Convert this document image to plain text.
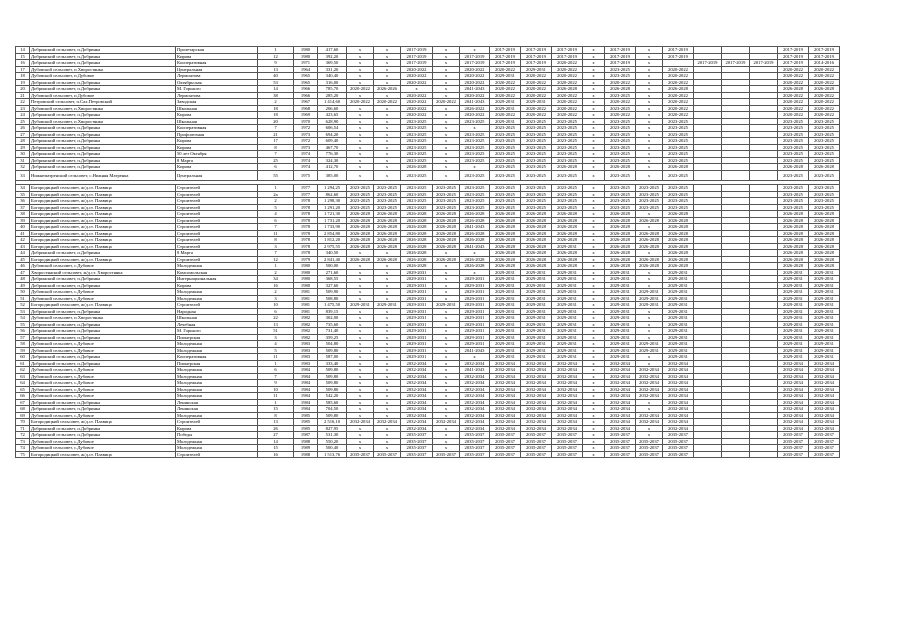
14	Добринский сельсовет, п.Добринка	Пролетарская	1	1980	417,60	x	x	2017-2019	x	x	2017-2019	2017-2019	2017-2019	x	2017-2019	x	2017-2019				2017-2019	2017-2019
15	Добринский сельсовет, п.Добринка	Кирова	12	1980	392,20	x	x	2017-2019	x	2017-2019	2017-2019	2017-2019	2017-2019	x	2017-2019	x	2017-2019				2017-2019	2017-2019
16	Добринский сельсовет, п.Добринка	Кооперативная	9	1971	369,50	x	x	2017-2019	x	2017-2019	2017-2019	2017-2019	2020-2022	x	2017-2019	x		2017-2019	2017-2019	2017-2019	2017-2019	2014-2016
17	Дубовской сельсовет, п.Хворостянка	Центральная	13	1964	331,20	x	x	2020-2022	x	2020-2022	2020-2022	2029-2031	2020-2022	x	2023-2025	x	2020-2022				2020-2022	2020-2022
18	Дубовской сельсовет, п.Дубовое	Лермонтова	40	1965	340,40	x	x	2020-2022	x	2020-2022	2029-2031	2020-2022	2020-2022	x	2023-2025	x	2020-2022				2020-2022	2020-2022
19	Добринский сельсовет, п.Добринка	Октябрьская	53	1965	316,00	x	x	2020-2022	x	2020-2022	2020-2022	2020-2022	2020-2022	x	2020-2022	x	2020-2022				2020-2022	2020-2022
20	Добринский сельсовет, п.Добринка	М. Горького	14	1966	785,70	2020-2022	2026-2026	x	x	2041-2043	2020-2022	2020-2022	2026-2028	x	2026-2028	x	2026-2028				2026-2028	2026-2028
21	Дубовской сельсовет, п.Дубовое	Лермонтова	38	1966	285,20	x	x	2020-2022	x	2020-2022	2020-2022	2020-2022	2020-2022	x	2023-2025	x	2020-2022				2020-2022	2020-2022
22	Петровский сельсовет, п.Сах.Петровский	Заводская	2	1967	1 414,60	2020-2022	2020-2022	2020-2022	2020-2022	2041-2043	2029-2031	2029-2031	2020-2022	x	2020-2022	x	2020-2022				2020-2022	2020-2022
23	Дубовской сельсовет, п.Хворостянка	Школьная	18	1968	206,60	x	x	2020-2022	x	2026-2022	2029-2031	2020-2022	2020-2022	x	2023-2025	x	2020-2022				2020-2022	2020-2022
24	Добринский сельсовет, п.Добринка	Кирова	18	1969	423,65	x	x	2020-2022	x	2020-2022	2020-2022	2020-2022	2020-2022	x	2020-2022	x	2020-2022				2020-2022	2020-2022
25	Дубовской сельсовет, п.Хворостянка	Школьная	20	1970	628,90	x	x	2023-2025	x	2023-2025	2029-2031	2023-2025	2023-2025	x	2023-2025	x	2023-2025				2023-2025	2023-2025
26	Добринский сельсовет, п.Добринка	Кооперативная	7	1972	606,54	x	x	2023-2025	x	x	2023-2025	2023-2025	2023-2025	x	2023-2025	x	2023-2025				2023-2025	2023-2025
27	Добринский сельсовет, п.Добринка	Профсоюзная	21	1973	694,20	x	x	2023-2025	x	2023-2025	2023-2025	2023-2025	2023-2025	x	2023-2025	x	2023-2025				2023-2025	2023-2025
28	Добринский сельсовет, п.Добринка	Кирова	17	1972	609,40	x	x	2023-2025	x	2023-2025	2023-2025	2023-2025	2023-2025	x	2023-2025	x	2023-2025				2023-2025	2023-2025
29	Добринский сельсовет, п.Добринка	Кирова	8	1973	467,70	x	x	2023-2025	x	2023-2025	2023-2025	2023-2025	2023-2025	x	2023-2025	x	2023-2025				2023-2025	2023-2025
30	Добринский сельсовет, п.Добринка	50 лет Октября	7	1974	776,30	x	x	2023-2025	x	2023-2025	2023-2025	2023-2025	2023-2025	x	2023-2025	x	2023-2025				2023-2025	2023-2025
31	Добринский сельсовет, п.Добринка	8 Марта	25	1974	324,30	x	x	2023-2025	x	2023-2025	2023-2025	2023-2025	2023-2025	x	2023-2025	x	2023-2025				2023-2025	2023-2025
32	Добринский сельсовет, п.Добринка	Кирова	6	1974	412,70	x	x	2026-2028	x	x	2023-2025	2023-2025	2026-2028	x	2026-2028	x	2026-2028				2026-2028	2026-2028
33	Нижнематренский сельсовет, с.Нижняя Матренка	Центральная	55	1975	385,00	x	x	2023-2025	x	2023-2025	2023-2025	2023-2025	2023-2025	x	2023-2025	x	2023-2025				2023-2025	2023-2025

34	Богородицкий сельсовет, ж/д.ст. Плавица	Строителей	1	1977	1 294,25	2023-2025	2023-2025	2023-2025	2023-2025	2023-2025	2023-2025	2023-2025	2023-2025	x	2023-2025	2023-2025	2023-2025				2023-2025	2023-2025
35	Богородицкий сельсовет, ж/д.ст. Плавица	Строителей	2а	1977	862,60	2023-2025	2023-2025	2023-2025	2023-2025	2023-2025	2023-2025	2023-2025	2023-2025	x	2023-2025	2023-2025	2023-2025				2023-2025	2023-2025
36	Богородицкий сельсовет, ж/д.ст. Плавица	Строителей	2	1978	1 298,30	2023-2025	2023-2025	2023-2025	2023-2025	2023-2025	2023-2025	2023-2025	2023-2025	x	2023-2025	2023-2025	2023-2025				2023-2025	2023-2025
37	Богородицкий сельсовет, ж/д.ст. Плавица	Строителей	5	1978	1 291,20	2023-2025	2023-2025	2023-2025	2023-2025	2023-2025	2023-2025	2023-2025	2023-2025	x	2023-2025	2023-2025	2023-2025				2023-2025	2023-2025
38	Богородицкий сельсовет, ж/д.ст. Плавица	Строителей	4	1978	1 721,30	2026-2028	2026-2028	2026-2028	2026-2028	2026-2028	2026-2028	2026-2028	2026-2028	x	2026-2028	x	2026-2028				2026-2028	2026-2028
39	Богородицкий сельсовет, ж/д.ст. Плавица	Строителей	6	1978	1 731,20	2026-2028	2026-2028	2026-2028	2026-2028	2026-2028	2026-2028	2026-2028	2026-2028	x	2026-2028	2026-2028	2026-2028				2026-2028	2026-2028
40	Богородицкий сельсовет, ж/д.ст. Плавица	Строителей	7	1978	1 733,90	2026-2028	2026-2028	2026-2028	2026-2028	2041-2043	2026-2028	2026-2028	2026-2028	x	2026-2028	x	2026-2028				2026-2028	2026-2028
41	Богородицкий сельсовет, ж/д.ст. Плавица	Строителей	11	1978	2 854,80	2026-2028	2026-2028	2026-2028	2026-2028	2026-2028	2026-2028	2026-2028	2026-2028	x	2026-2028	2026-2028	2026-2028				2026-2028	2026-2028
42	Богородицкий сельсовет, ж/д.ст. Плавица	Строителей	8	1978	1 812,20	2026-2028	2026-2028	2026-2028	2026-2028	2026-2028	2026-2028	2026-2028	2026-2028	x	2026-2028	2026-2028	2026-2028				2026-2028	2026-2028
43	Богородицкий сельсовет, ж/д.ст. Плавица	Строителей	3	1978	2 975,55	2026-2028	2026-2028	2026-2028	2026-2028	2041-2043	2026-2028	2026-2028	2029-2031	x	2026-2028	2026-2028	2026-2028				2026-2028	2026-2028
44	Добринский сельсовет, п.Добринка	8 Марта	7	1978	340,50	x	x	2026-2028	x	x	2026-2028	2026-2028	2026-2028	x	2026-2028	x	2026-2028				2026-2028	2026-2028
45	Богородицкий сельсовет, ж/д.ст. Плавица	Строителей	12	1979	2 841,40	2026-2028	2026-2028	2026-2028	2026-2028	2026-2028	2026-2028	2026-2028	2026-2028	x	2026-2028	2026-2028	2026-2028				2026-2028	2026-2028
46	Дубовской сельсовет, с.Дубовое	Молодежная	1	1980	500,00	x	x	2026-2028	x	2026-2028	2026-2028	2026-2028	2026-2028	x	2026-2028	2026-2028	2026-2028				2026-2028	2026-2028
47	Хворостянский сельсовет, ж/д.ст. Хворостянка	Комсомольская	2	1980	271,60	x	x	2029-2031	x	x	2029-2031	2029-2031	2029-2031	x	2029-2031	x	2029-2031				2029-2031	2029-2031
48	Добринский сельсовет, п.Добринка	Интернациональная	34	1980	368,55	x	x	2029-2031	x	2029-2031	2029-2031	2029-2031	2029-2031	x	2029-2031	x	2029-2031				2029-2031	2029-2031
49	Добринский сельсовет, п.Добринка	Кирова	16	1980	327,60	x	x	2029-2031	x	2029-2031	2029-2031	2029-2031	2029-2031	x	2029-2031	x	2029-2031				2029-2031	2029-2031
50	Дубовской сельсовет, с.Дубовое	Молодежная	2	1981	509,90	x	x	2029-2031	x	2029-2031	2029-2031	2029-2031	2029-2031	x	2029-2031	2029-2031	2029-2031				2029-2031	2029-2031
51	Дубовской сельсовет, с.Дубовое	Молодежная	3	1981	508,80	x	x	2029-2031	x	2029-2031	2029-2031	2029-2031	2029-2031	x	2029-2031	2029-2031	2029-2031				2029-2031	2029-2031
52	Богородицкий сельсовет, ж/д.ст. Плавица	Строителей	10	1981	1 475,50	2029-2031	2029-2031	2029-2031	2029-2031	2029-2031	2029-2031	2029-2031	2029-2031	x	2029-2031	2029-2031	2029-2031				2029-2031	2029-2031
53	Добринский сельсовет, п.Добринка	Народная	6	1981	839,15	x	x	2029-2031	x	2029-2031	2029-2031	2029-2031	2029-2031	x	2029-2031	x	2029-2031				2029-2031	2029-2031
54	Дубовской сельсовет, п.Хворостянка	Школьная	22	1982	302,00	x	x	2029-2031	x	2029-2031	2029-2031	2029-2031	2029-2031	x	2029-2031	x	2029-2031				2029-2031	2029-2031
55	Добринский сельсовет, п.Добринка	Лечебная	13	1982	735,60	x	x	2029-2031	x	2029-2031	2029-2031	2029-2031	2029-2031	x	2029-2031	x	2029-2031				2029-2031	2029-2031
56	Добринский сельсовет, п.Добринка	М. Горького	51	1982	731,40	x	x	2029-2031	x	2029-2031	2029-2031	2029-2031	2029-2031	x	2029-2031	x	2029-2031				2029-2031	2029-2031
57	Добринский сельсовет, п.Добринка	Пионерская	3	1982	359,25	x	x	2029-2031	x	2029-2031	2029-2031	2029-2031	2029-2031	x	2029-2031	x	2029-2031				2029-2031	2029-2031
58	Дубовской сельсовет, с.Дубовое	Молодежная	4	1983	504,80	x	x	2029-2031	x	2029-2031	2029-2031	2029-2031	2029-2031	x	2029-2031	2029-2031	2029-2031				2029-2031	2029-2031
59	Дубовской сельсовет, с.Дубовое	Молодежная	5	1983	509,80	x	x	2029-2031	x	2041-2043	2029-2031	2029-2031	2029-2031	x	2029-2031	2029-2031	2029-2031				2029-2031	2029-2031
60	Добринский сельсовет, п.Добринка	Кооперативная	11	1983	587,00	x	x	2029-2031	x	x	2029-2031	2029-2031	2029-2031	x	2029-2031	x	2029-2031				2029-2031	2029-2031
61	Добринский сельсовет, п.Добринка	Пионерская	1	1983	333,40	x	x	2032-2034	x	2032-2034	2032-2034	2032-2034	2032-2034	x	2032-2034	x	2032-2034				2032-2034	2032-2034
62	Дубовской сельсовет, с.Дубовое	Молодежная	6	1984	509,80	x	x	2032-2034	x	2041-2043	2032-2034	2032-2034	2032-2034	x	2032-2034	2032-2034	2032-2034				2032-2034	2032-2034
63	Дубовской сельсовет, с.Дубовое	Молодежная	7	1984	509,80	x	x	2032-2034	x	2032-2034	2032-2034	2032-2034	2032-2034	x	2032-2034	2032-2034	2032-2034				2032-2034	2032-2034
64	Дубовской сельсовет, с.Дубовое	Молодежная	9	1984	509,80	x	x	2032-2034	x	2032-2034	2032-2034	2032-2034	2032-2034	x	2032-2034	2032-2034	2032-2034				2032-2034	2032-2034
65	Дубовской сельсовет, с.Дубовое	Молодежная	10	1984	509,80	x	x	2032-2034	x	2032-2034	2032-2034	2032-2034	2032-2034	x	2032-2034	2032-2034	2032-2034				2032-2034	2032-2034
66	Дубовской сельсовет, с.Дубовое	Молодежная	11	1984	542,20	x	x	2032-2034	x	2032-2034	2032-2034	2032-2034	2032-2034	x	2032-2034	2032-2034	2032-2034				2032-2034	2032-2034
67	Добринский сельсовет, п.Добринка	Ленинская	1	1984	585,60	x	x	2032-2034	x	2032-2034	2032-2034	2032-2034	2032-2034	x	2032-2034	x	2032-2034				2032-2034	2032-2034
68	Добринский сельсовет, п.Добринка	Ленинская	15	1984	704,50	x	x	2032-2034	x	2032-2034	2032-2034	2032-2034	2032-2034	x	2032-2034	x	2032-2034				2032-2034	2032-2034
69	Дубовской сельсовет, с.Дубовое	Молодежная	8	1985	509,80	x	x	2032-2034	x	2032-2034	2032-2034	2032-2034	2032-2034	x	2032-2034	2032-2034	2032-2034				2032-2034	2032-2034
70	Богородицкий сельсовет, ж/д.ст. Плавица	Строителей	13	1985	2 516,10	2032-2034	2032-2034	2032-2034	2032-2034	2032-2034	2032-2034	2032-2034	2032-2034	x	2032-2034	2032-2034	2032-2034				2032-2034	2032-2034
71	Добринский сельсовет, п.Добринка	Кирова	26	1985	827,95	x	x	2032-2034	x	2032-2034	2032-2034	2032-2034	2032-2034	x	2032-2034	x	2032-2034				2032-2034	2032-2034
72	Добринский сельсовет, п.Добринка	Победы	27	1987	531,30	x	x	2035-2037	x	2035-2037	2035-2037	2035-2037	2035-2037	x	2035-2037	x	2035-2037				2035-2037	2035-2037
73	Дубовской сельсовет, с.Дубовое	Молодежная	14	1988	550,20	x	x	2035-2037	x	2035-2037	2035-2037	2035-2037	2035-2037	x	2035-2037	2035-2037	2035-2037				2035-2037	2035-2037
74	Дубовской сельсовет, с.Дубовое	Молодежная	15	1989	500,40	x	x	2035-2037	x	2035-2037	2035-2037	2035-2037	2035-2037	x	2035-2037	2035-2037	2035-2037				2035-2037	2035-2037
75	Богородицкий сельсовет, ж/д.ст. Плавица	Строителей	16	1988	1 513,76	2035-2037	2035-2037	2035-2037	2035-2037	2035-2037	2035-2037	2035-2037	2035-2037	x	2035-2037	2035-2037	2035-2037				2035-2037	2035-2037
